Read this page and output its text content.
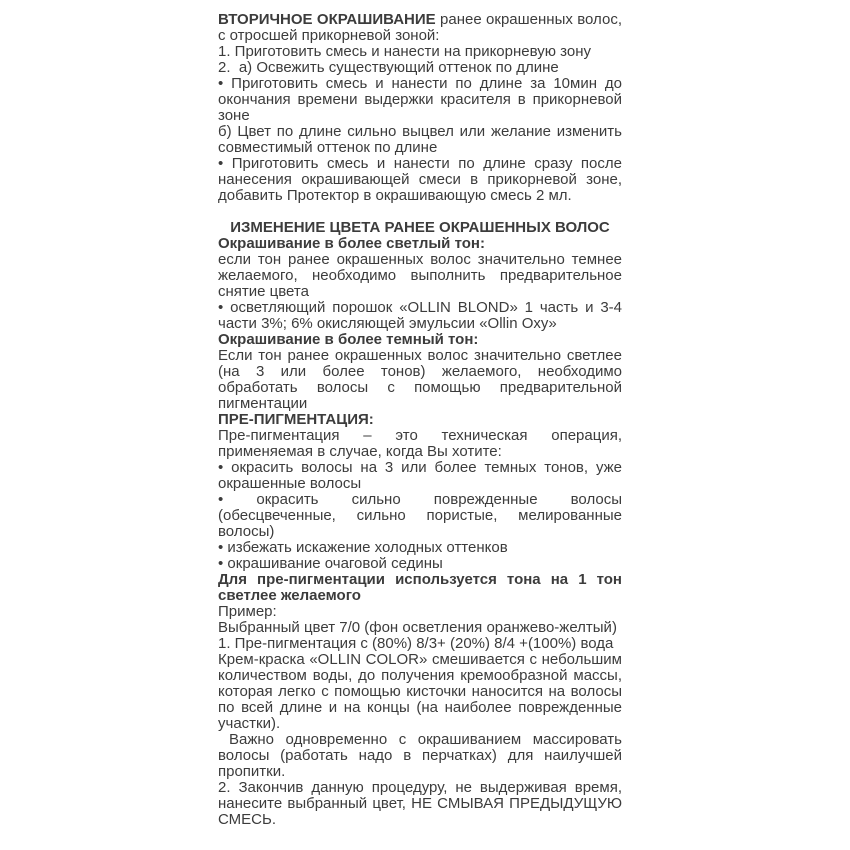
ВТОРИЧНОЕ ОКРАШИВАНИЕ ранее окрашенных волос, с отросшей прикорневой зоной:

1. Приготовить смесь и нанести на прикорневую зону

2.  а) Освежить существующий оттенок по длине

• Приготовить смесь и нанести по длине за 10мин до окончания времени выдержки красителя в прикорневой зоне

б) Цвет по длине сильно выцвел или желание изменить совместимый оттенок по длине

• Приготовить смесь и нанести по длине сразу после нанесения окрашивающей смеси в прикорневой зоне, добавить Протектор в окрашивающую смесь 2 мл.

ИЗМЕНЕНИЕ ЦВЕТА РАНЕЕ ОКРАШЕННЫХ ВОЛОС

Окрашивание в более светлый тон:

если тон ранее окрашенных волос значительно темнее желаемого, необходимо выполнить предварительное снятие цвета

• осветляющий порошок «OLLIN BLOND» 1 часть и 3-4 части 3%; 6% окисляющей эмульсии «Ollin Oxy»

Окрашивание в более темный тон:

Если тон ранее окрашенных волос значительно светлее (на 3 или более тонов) желаемого, необходимо обработать волосы с помощью предварительной пигментации

ПРЕ-ПИГМЕНТАЦИЯ:

Пре-пигментация – это техническая операция, применяемая в случае, когда Вы хотите:

• окрасить волосы на 3 или более темных тонов, уже окрашенные волосы

• окрасить сильно поврежденные волосы (обесцвеченные, сильно пористые, мелированные волосы)

• избежать искажение холодных оттенков

• окрашивание очаговой седины

Для пре-пигментации используется тона на 1 тон светлее желаемого

Пример:

Выбранный цвет 7/0 (фон осветления оранжево-желтый)

1. Пре-пигментация с (80%) 8/3+ (20%) 8/4 +(100%) вода

Крем-краска «OLLIN COLOR» смешивается с небольшим количеством воды, до получения кремообразной массы, которая легко с помощью кисточки наносится на волосы по всей длине и на концы (на наиболее поврежденные участки).

Важно одновременно с окрашиванием массировать волосы (работать надо в перчатках) для наилучшей пропитки.

2. Закончив данную процедуру, не выдерживая время, нанесите выбранный цвет, НЕ СМЫВАЯ ПРЕДЫДУЩУЮ СМЕСЬ.
